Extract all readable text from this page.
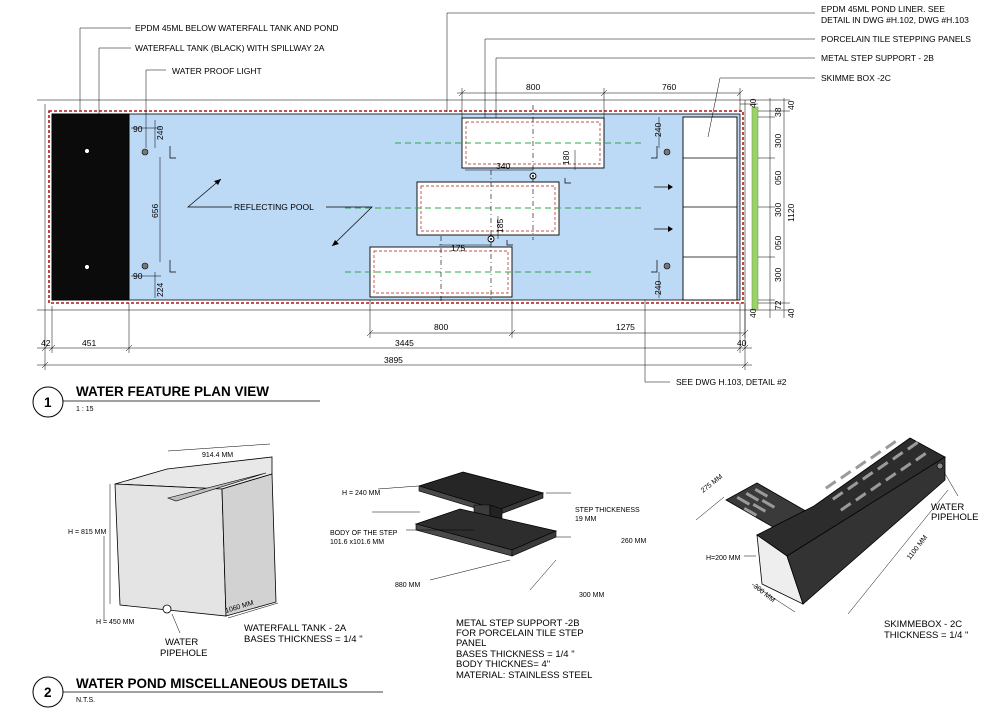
REFLECTING POOL
90 240
656
90
224
240
240
340
180
185
175
800	760
800	1275
42	451	3445	40
3895
40
38
300
050
300
050
300
72
40
40
1120
40
EPDM 45ML BELOW WATERFALL TANK AND POND
WATERFALL TANK (BLACK) WITH SPILLWAY 2A
WATER PROOF LIGHT
EPDM 45ML POND LINER. SEE
DETAIL IN DWG #H.102, DWG #H.103
PORCELAIN TILE STEPPING PANELS
METAL STEP SUPPORT - 2B
SKIMME BOX -2C
SEE DWG H.103, DETAIL #2
1
WATER FEATURE PLAN VIEW
1 : 15
2
WATER POND MISCELLANEOUS DETAILS
N.T.S.
914.4 MM
H = 815 MM
H = 450 MM
1060 MM
WATER
PIPEHOLE
WATERFALL TANK - 2A
BASES THICKNESS = 1/4 "
H = 240 MM
BODY OF THE STEP
101.6 x101.6 MM
STEP THICKENESS
19 MM
260 MM
880 MM
300 MM
METAL STEP SUPPORT -2B
FOR PORCELAIN TILE STEP
PANEL
BASES THICKNESS = 1/4 "
BODY THICKNES= 4"
MATERIAL: STAINLESS STEEL
275 MM
H=200 MM
300 MM
1100 MM
WATER
PIPEHOLE
SKIMMEBOX - 2C
THICKNESS = 1/4 "
